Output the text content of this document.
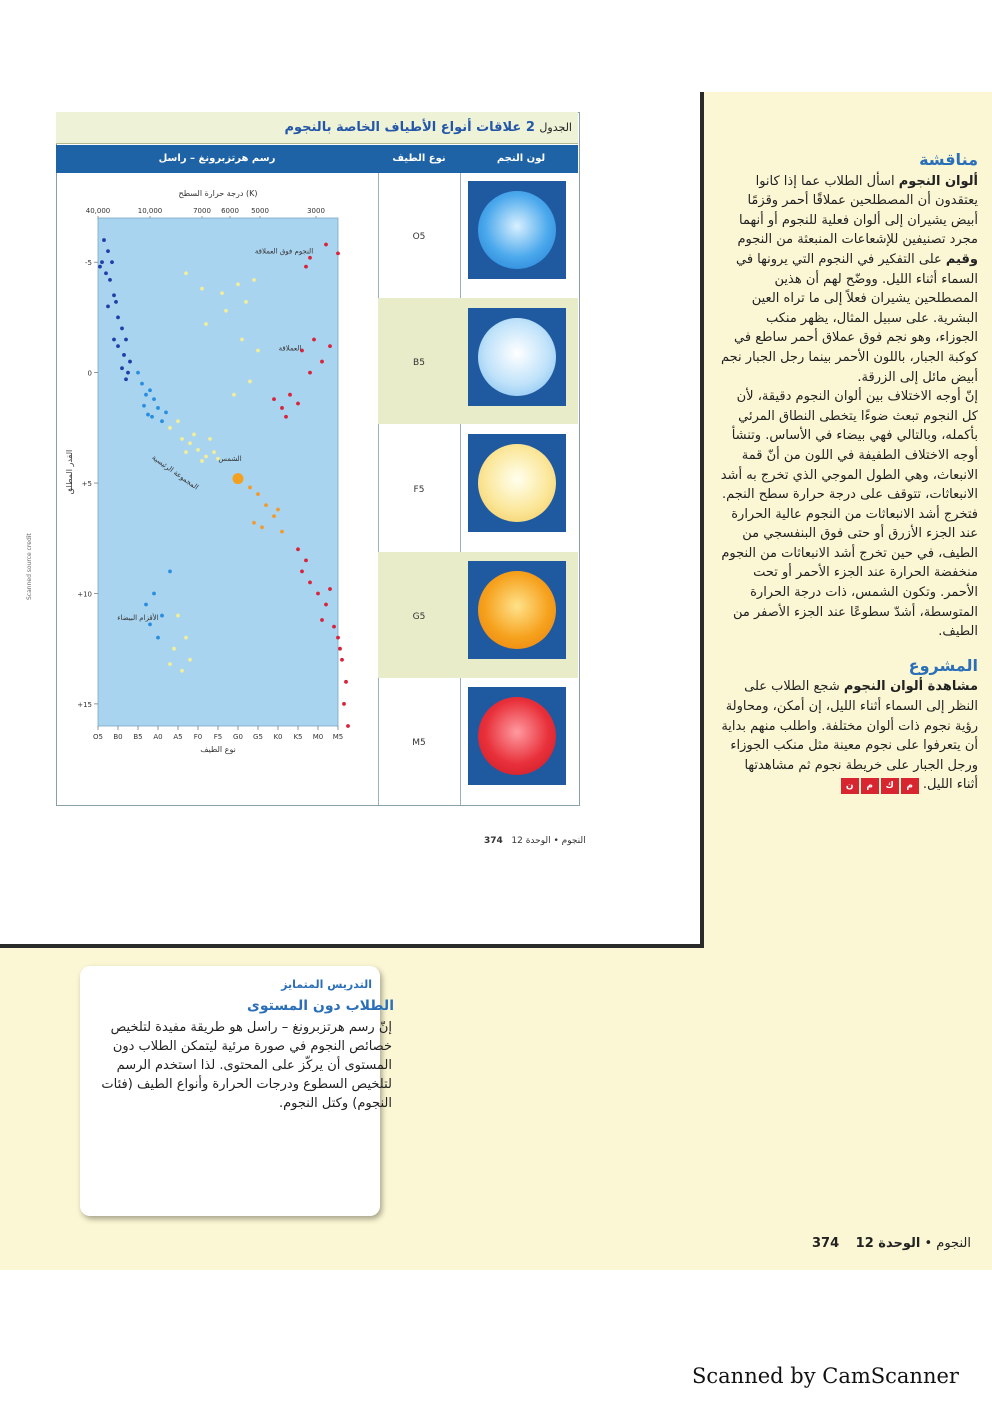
الجدول 2 علاقات أنواع الأطياف الخاصة بالنجوم
لون النجم
نوع الطيف
رسم هرتزبرونغ – راسل
O5
B5
F5
G5
M5
درجة حرارة السطح (K)
40,000	10,000	7000 6000 5000	3000
النجوم فوق العملاقة
العملاقة
الشمس
المجموعة الرئيسية
الأقزام البيضاء
O5 B0 B5 A0 A5 F0 F5 G0 G5 K0 K5 M0 M5
-5
0
+5
+10
+15
نوع الطيف
القدر المطلق
Scanned source credit
النجوم • الوحدة 12   374
مناقشة
ألوان النجوم اسأل الطلاب عما إذا كانوا يعتقدون أن المصطلحين عملاقًا أحمر وقزمًا أبيض يشيران إلى ألوان فعلية للنجوم أو أنهما مجرد تصنيفين للإشعاعات المنبعثة من النجوم
وقيم على التفكير في النجوم التي يرونها في السماء أثناء الليل. ووضّح لهم أن هذين المصطلحين يشيران فعلاً إلى ما تراه العين البشرية. على سبيل المثال، يظهر منكب الجوزاء، وهو نجم فوق عملاق أحمر ساطع في كوكبة الجبار، باللون الأحمر بينما رجل الجبار نجم أبيض مائل إلى الزرقة.
إنّ أوجه الاختلاف بين ألوان النجوم دقيقة، لأن كل النجوم تبعث ضوءًا يتخطى النطاق المرئي بأكمله، وبالتالي فهي بيضاء في الأساس. وتنشأ أوجه الاختلاف الطفيفة في اللون من أنّ قمة الانبعاث، وهي الطول الموجي الذي تخرج به أشد الانبعاثات، تتوقف على درجة حرارة سطح النجم. فتخرج أشد الانبعاثات من النجوم عالية الحرارة عند الجزء الأزرق أو حتى فوق البنفسجي من الطيف، في حين تخرج أشد الانبعاثات من النجوم منخفضة الحرارة عند الجزء الأحمر أو تحت الأحمر. وتكون الشمس، ذات درجة الحرارة المتوسطة، أشدّ سطوعًا عند الجزء الأصفر من الطيف.
المشروع
مشاهدة ألوان النجوم شجع الطلاب على النظر إلى السماء أثناء الليل، إن أمكن، ومحاولة رؤية نجوم ذات ألوان مختلفة. واطلب منهم بداية أن يتعرفوا على نجوم معينة مثل منكب الجوزاء ورجل الجبار على خريطة نجوم ثم مشاهدتها أثناء الليل. ن م ك م
التدريس المتمايز
الطلاب دون المستوى
إنّ رسم هرتزبرونغ – راسل هو طريقة مفيدة لتلخيص خصائص النجوم في صورة مرئية ليتمكن الطلاب دون المستوى أن يركّز على المحتوى. لذا استخدم الرسم لتلخيص السطوع ودرجات الحرارة وأنواع الطيف (فئات النجوم) وكتل النجوم.
النجوم • الوحدة 12    374
Scanned by CamScanner
